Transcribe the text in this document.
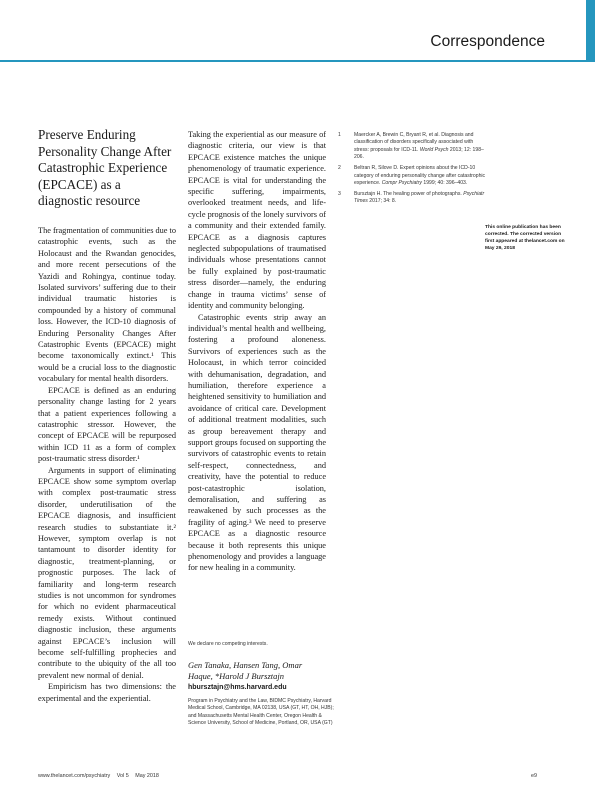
Correspondence
Preserve Enduring Personality Change After Catastrophic Experience (EPCACE) as a diagnostic resource

The fragmentation of communities due to catastrophic events, such as the Holocaust and the Rwandan genocides, and more recent persecutions of the Yazidi and Rohingya, continue today. Isolated survivors’ suffering due to their individual traumatic histories is compounded by a history of communal loss. However, the ICD-10 diagnosis of Enduring Personality Changes After Catastrophic Events (EPCACE) might become taxonomically extinct.¹ This would be a crucial loss to the diagnostic vocabulary for mental health disorders.

EPCACE is defined as an enduring personality change lasting for 2 years that a patient experiences following a catastrophic stressor. However, the concept of EPCACE will be repurposed within ICD 11 as a form of complex post-traumatic stress disorder.¹

Arguments in support of eliminating EPCACE show some symptom overlap with complex post-traumatic stress disorder, underutilisation of the EPCACE diagnosis, and insufficient research studies to substantiate it.² However, symptom overlap is not tantamount to disorder identity for diagnostic, treatment-planning, or prognostic purposes. The lack of familiarity and long-term research studies is not uncommon for syndromes for which no evident pharmaceutical remedy exists. Without continued diagnostic inclusion, these arguments against EPCACE’s inclusion will become self-fulfilling prophecies and contribute to the ubiquity of the all too prevalent new normal of denial.

Empiricism has two dimensions: the experimental and the experiential.

Taking the experiential as our measure of diagnostic criteria, our view is that EPCACE existence matches the unique phenomenology of traumatic experience. EPCACE is vital for understanding the specific suffering, impairments, overlooked treatment needs, and life-cycle prognosis of the lonely survivors of a community and their extended family. EPCACE as a diagnosis captures neglected subpopulations of traumatised individuals whose presentations cannot be fully explained by post-traumatic stress disorder—namely, the enduring change in trauma victims’ sense of identity and community belonging.

Catastrophic events strip away an individual’s mental health and wellbeing, fostering a profound aloneness. Survivors of experiences such as the Holocaust, in which terror coincided with dehumanisation, degradation, and humiliation, therefore experience a heightened sensitivity to humiliation and avoidance of critical care. Development of additional treatment modalities, such as group bereavement therapy and support groups focused on supporting the survivors of catastrophic events to retain self-respect, connectedness, and creativity, have the potential to reduce post-catastrophic isolation, demoralisation, and suffering as reawakened by such processes as the fragility of aging.³ We need to preserve EPCACE as a diagnostic resource because it both represents this unique phenomenology and provides a language for new healing in a community.

We declare no competing interests.
Gen Tanaka, Hansen Tang, Omar Haque, *Harold J Bursztajn
hbursztajn@hms.harvard.edu
Program in Psychiatry and the Law, BIDMC Psychiatry, Harvard Medical School, Cambridge, MA 02138, USA (GT, HT, OH, HJB); and Massachusetts Mental Health Center, Oregon Health & Science University, School of Medicine, Portland, OR, USA (GT)
1	Maercker A, Brewin C, Bryant R, et al. Diagnosis and classification of disorders specifically associated with stress: proposals for ICD-11. World Psych 2013; 12: 198–206.
2	Beltran R, Silove D. Expert opinions about the ICD-10 category of enduring personality change after catastrophic experience. Compr Psychiatry 1999; 40: 396–403.
3	Bursztajn H. The healing power of photographs. Psychiatr Times 2017; 34: 8.
This online publication has been corrected. The corrected version first appeared at thelancet.com on May 29, 2018
www.thelancet.com/psychiatry Vol 5 May 2018	e9
